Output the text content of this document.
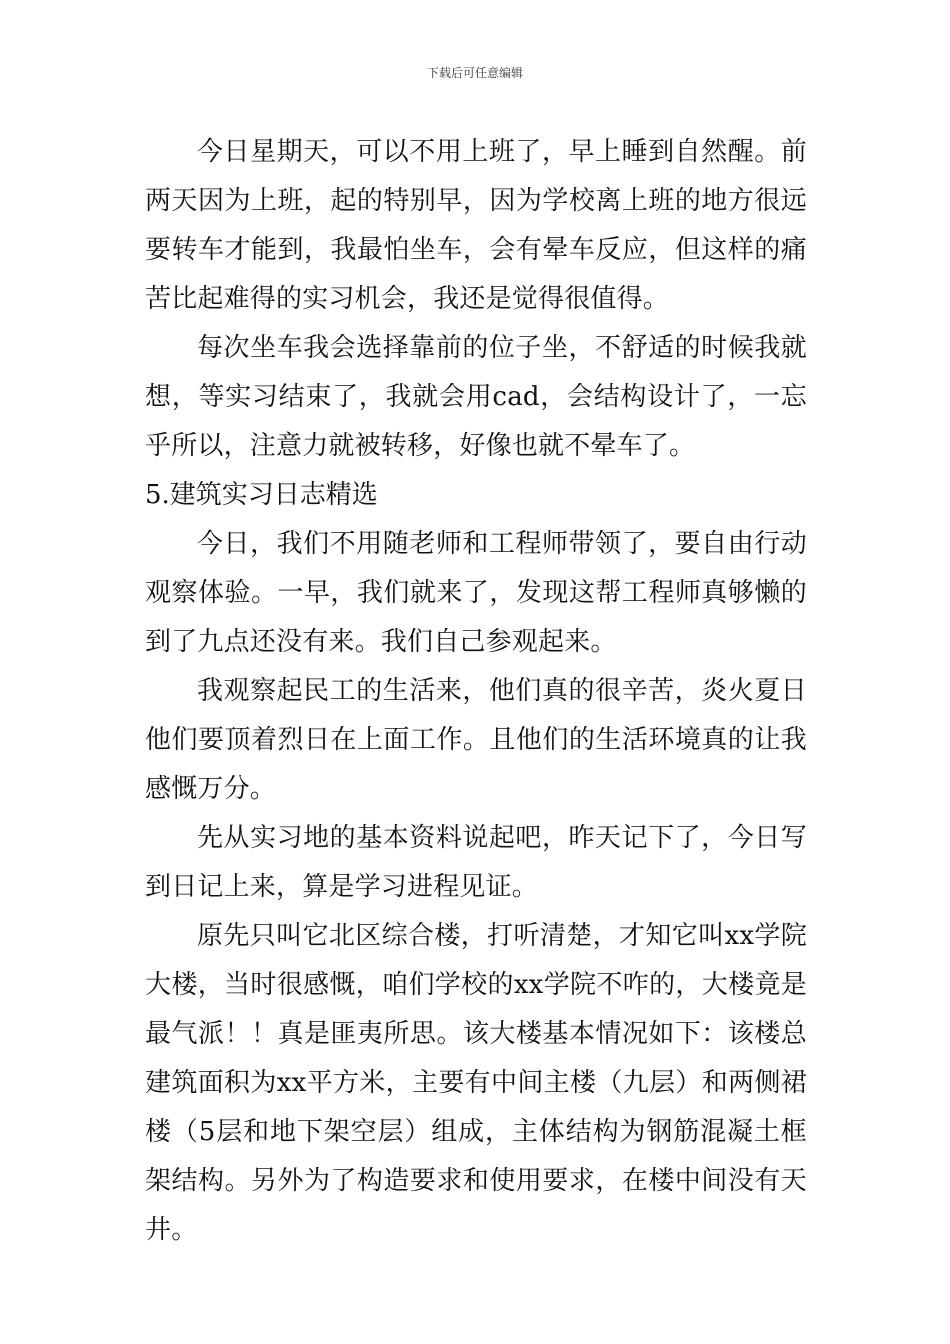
下载后可任意编辑

今日星期天，可以不用上班了，早上睡到自然醒。前两天因为上班，起的特别早，因为学校离上班的地方很远要转车才能到，我最怕坐车，会有晕车反应，但这样的痛苦比起难得的实习机会，我还是觉得很值得。

每次坐车我会选择靠前的位子坐，不舒适的时候我就想，等实习结束了，我就会用cad，会结构设计了，一忘乎所以，注意力就被转移，好像也就不晕车了。

5.建筑实习日志精选

今日，我们不用随老师和工程师带领了，要自由行动观察体验。一早，我们就来了，发现这帮工程师真够懒的到了九点还没有来。我们自己参观起来。

我观察起民工的生活来，他们真的很辛苦，炎火夏日他们要顶着烈日在上面工作。且他们的生活环境真的让我感慨万分。

先从实习地的基本资料说起吧，昨天记下了，今日写到日记上来，算是学习进程见证。

原先只叫它北区综合楼，打听清楚，才知它叫xx学院大楼，当时很感慨，咱们学校的xx学院不咋的，大楼竟是最气派！！真是匪夷所思。该大楼基本情况如下：该楼总建筑面积为xx平方米，主要有中间主楼（九层）和两侧裙楼（5层和地下架空层）组成，主体结构为钢筋混凝土框架结构。另外为了构造要求和使用要求，在楼中间没有天井。
